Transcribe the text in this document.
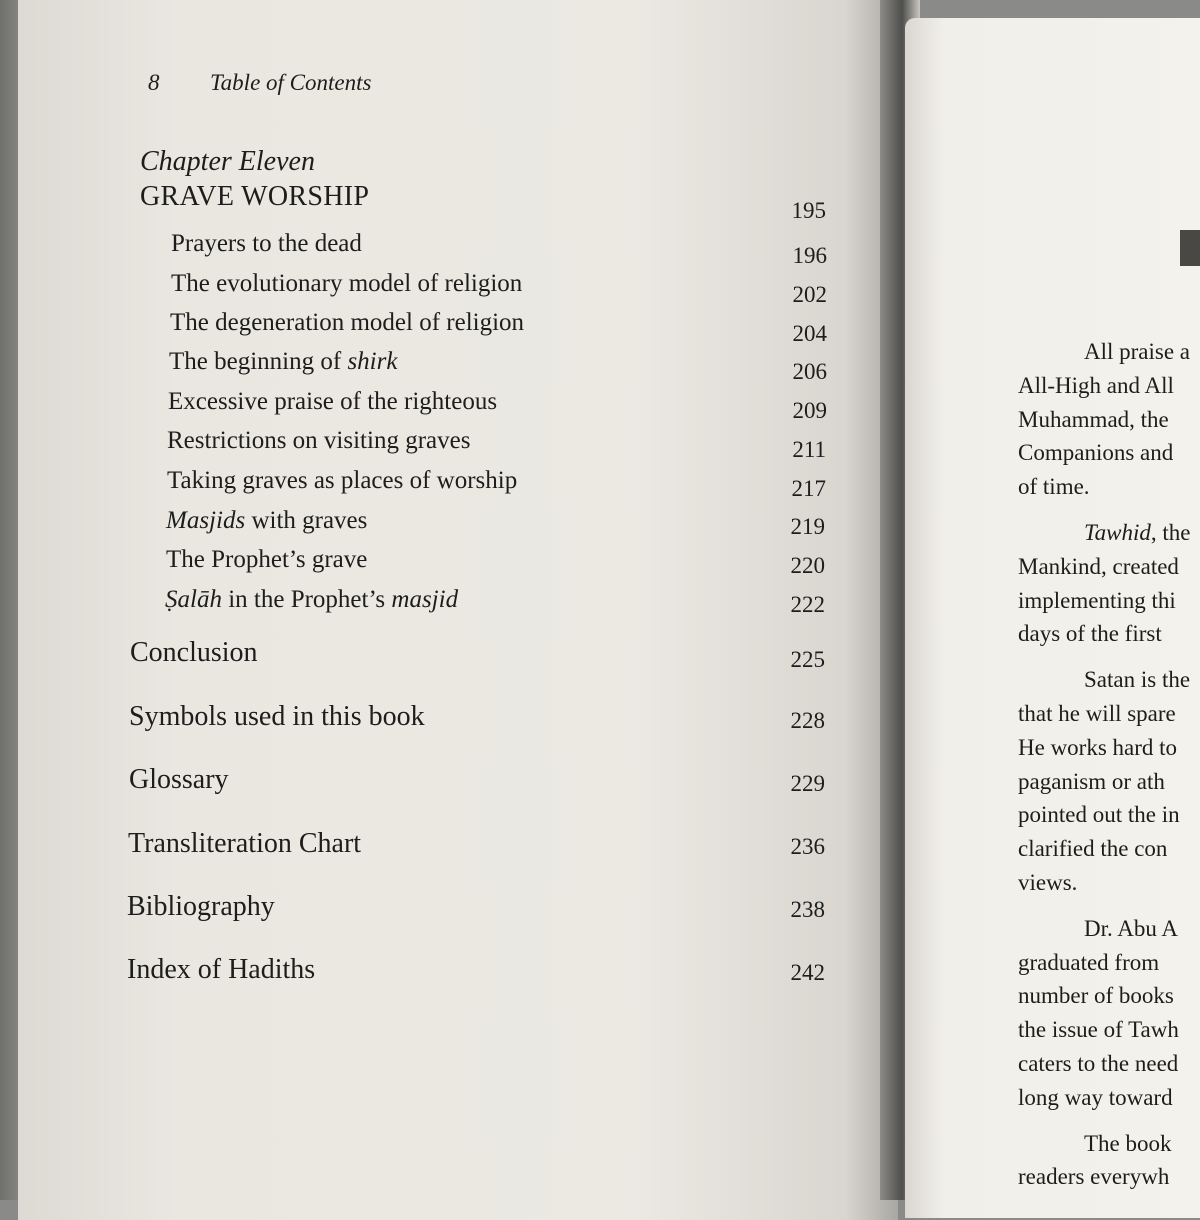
8 Table of Contents
Chapter Eleven
GRAVE WORSHIP	195
Prayers to the dead	196
The evolutionary model of religion	202
The degeneration model of religion	204
The beginning of shirk	206
Excessive praise of the righteous	209
Restrictions on visiting graves	211
Taking graves as places of worship	217
Masjids with graves	219
The Prophet’s grave	220
Ṣalāh in the Prophet’s masjid	222
Conclusion	225
Symbols used in this book	228
Glossary	229
Transliteration Chart	236
Bibliography	238
Index of Hadiths	242
All praise a
All-High and All
Muhammad, the
Companions and
of time.
Tawhid, the
Mankind, created
implementing thi
days of the first
Satan is the
that he will spare
He works hard to
paganism or ath
pointed out the in
clarified the con
views.
Dr. Abu A
graduated from
number of books
the issue of Tawh
caters to the need
long way toward
The book
readers everywh
